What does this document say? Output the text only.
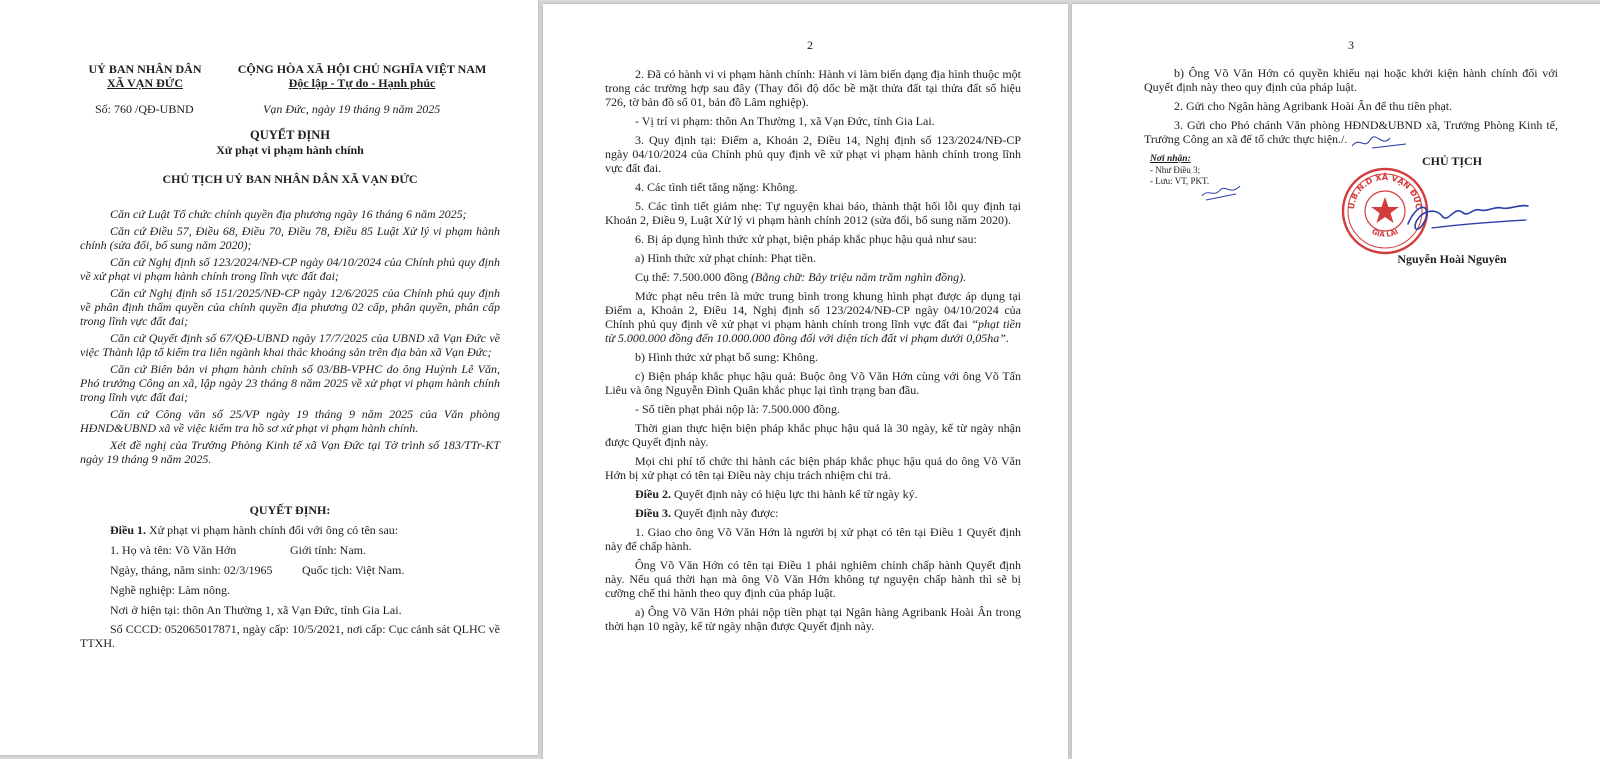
UỶ BAN NHÂN DÂN
XÃ VẠN ĐỨC
CỘNG HÒA XÃ HỘI CHỦ NGHĨA VIỆT NAM
Độc lập - Tự do - Hạnh phúc
Số: 760 /QĐ-UBND	Vạn Đức, ngày 19 tháng 9 năm 2025
QUYẾT ĐỊNH
Xử phạt vi phạm hành chính
CHỦ TỊCH UỶ BAN NHÂN DÂN XÃ VẠN ĐỨC
Căn cứ Luật Tổ chức chính quyền địa phương ngày 16 tháng 6 năm 2025;
Căn cứ Điều 57, Điều 68, Điều 70, Điều 78, Điều 85 Luật Xử lý vi phạm hành chính (sửa đổi, bổ sung năm 2020);
Căn cứ Nghị định số 123/2024/NĐ-CP ngày 04/10/2024 của Chính phủ quy định về xử phạt vi phạm hành chính trong lĩnh vực đất đai;
Căn cứ Nghị định số 151/2025/NĐ-CP ngày 12/6/2025 của Chính phủ quy định về phân định thẩm quyền của chính quyền địa phương 02 cấp, phân quyền, phân cấp trong lĩnh vực đất đai;
Căn cứ Quyết định số 67/QĐ-UBND ngày 17/7/2025 của UBND xã Vạn Đức về việc Thành lập tổ kiểm tra liên ngành khai thác khoáng sản trên địa bàn xã Vạn Đức;
Căn cứ Biên bản vi phạm hành chính số 03/BB-VPHC do ông Huỳnh Lê Văn, Phó trưởng Công an xã, lập ngày 23 tháng 8 năm 2025 về xử phạt vi phạm hành chính trong lĩnh vực đất đai;
Căn cứ Công văn số 25/VP ngày 19 tháng 9 năm 2025 của Văn phòng HĐND&UBND xã về việc kiểm tra hồ sơ xử phạt vi phạm hành chính.
Xét đề nghị của Trưởng Phòng Kinh tế xã Vạn Đức tại Tờ trình số 183/TTr-KT ngày 19 tháng 9 năm 2025.
QUYẾT ĐỊNH:
Điều 1. Xử phạt vi phạm hành chính đối với ông có tên sau:
1. Họ và tên: Võ Văn Hớn	Giới tính: Nam.
Ngày, tháng, năm sinh: 02/3/1965 Quốc tịch: Việt Nam.
Nghề nghiệp: Làm nông.
Nơi ở hiện tại: thôn An Thường 1, xã Vạn Đức, tỉnh Gia Lai.
Số CCCD: 052065017871, ngày cấp: 10/5/2021, nơi cấp: Cục cảnh sát QLHC về TTXH.
2
2. Đã có hành vi vi phạm hành chính: Hành vi làm biến dạng địa hình thuộc một trong các trường hợp sau đây (Thay đổi độ dốc bề mặt thửa đất tại thửa đất số hiệu 726, tờ bản đồ số 01, bản đồ Lâm nghiệp).
- Vị trí vi phạm: thôn An Thường 1, xã Vạn Đức, tỉnh Gia Lai.
3. Quy định tại: Điểm a, Khoản 2, Điều 14, Nghị định số 123/2024/NĐ-CP ngày 04/10/2024 của Chính phủ quy định về xử phạt vi phạm hành chính trong lĩnh vực đất đai.
4. Các tình tiết tăng nặng: Không.
5. Các tình tiết giảm nhẹ: Tự nguyện khai báo, thành thật hối lỗi quy định tại Khoản 2, Điều 9, Luật Xử lý vi phạm hành chính 2012 (sửa đổi, bổ sung năm 2020).
6. Bị áp dụng hình thức xử phạt, biện pháp khắc phục hậu quả như sau:
a) Hình thức xử phạt chính: Phạt tiền.
Cụ thể: 7.500.000 đồng (Bằng chữ: Bảy triệu năm trăm nghìn đồng).
Mức phạt nêu trên là mức trung bình trong khung hình phạt được áp dụng tại Điểm a, Khoản 2, Điều 14, Nghị định số 123/2024/NĐ-CP ngày 04/10/2024 của Chính phủ quy định về xử phạt vi phạm hành chính trong lĩnh vực đất đai “phạt tiền từ 5.000.000 đồng đến 10.000.000 đồng đối với diện tích đất vi phạm dưới 0,05ha”.
b) Hình thức xử phạt bổ sung: Không.
c) Biện pháp khắc phục hậu quả: Buộc ông Võ Văn Hớn cùng với ông Võ Tấn Liêu và ông Nguyễn Đình Quân khắc phục lại tình trạng ban đầu.
- Số tiền phạt phải nộp là: 7.500.000 đồng.
Thời gian thực hiện biện pháp khắc phục hậu quả là 30 ngày, kể từ ngày nhận được Quyết định này.
Mọi chi phí tổ chức thi hành các biện pháp khắc phục hậu quả do ông Võ Văn Hớn bị xử phạt có tên tại Điều này chịu trách nhiệm chi trả.
Điều 2. Quyết định này có hiệu lực thi hành kể từ ngày ký.
Điều 3. Quyết định này được:
1. Giao cho ông Võ Văn Hớn là người bị xử phạt có tên tại Điều 1 Quyết định này để chấp hành.
Ông Võ Văn Hớn có tên tại Điều 1 phải nghiêm chỉnh chấp hành Quyết định này. Nếu quá thời hạn mà ông Võ Văn Hớn không tự nguyện chấp hành thì sẽ bị cưỡng chế thi hành theo quy định của pháp luật.
a) Ông Võ Văn Hớn phải nộp tiền phạt tại Ngân hàng Agribank Hoài Ân trong thời hạn 10 ngày, kể từ ngày nhận được Quyết định này.
3
b) Ông Võ Văn Hớn có quyền khiếu nại hoặc khởi kiện hành chính đối với Quyết định này theo quy định của pháp luật.
2. Gửi cho Ngân hàng Agribank Hoài Ân để thu tiền phạt.
3. Gửi cho Phó chánh Văn phòng HĐND&UBND xã, Trưởng Phòng Kinh tế, Trưởng Công an xã để tổ chức thực hiện./.
Nơi nhận:
- Như Điều 3;
- Lưu: VT, PKT.
CHỦ TỊCH
U.B.N.D XÃ VẠN ĐỨC
GIA LAI
Nguyễn Hoài Nguyên
